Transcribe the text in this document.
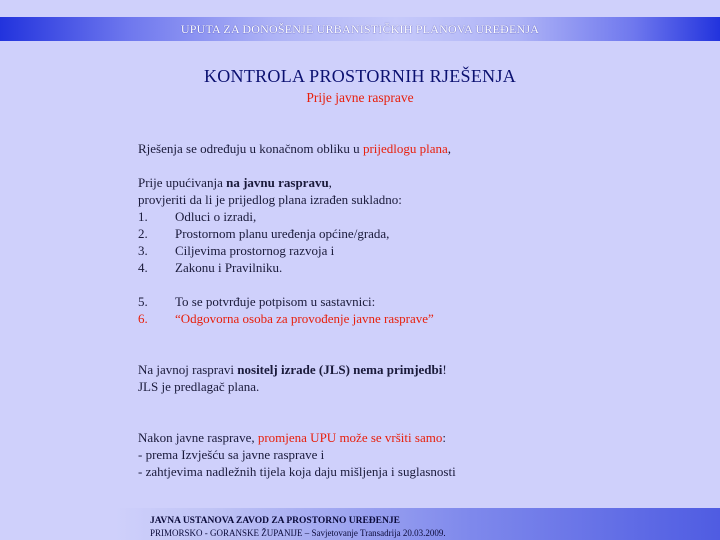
UPUTA ZA DONOŠENJE URBANISTIČKIH PLANOVA UREĐENJA
KONTROLA PROSTORNIH RJEŠENJA
Prije javne rasprave
Rješenja se određuju u konačnom obliku u prijedlogu plana,
Prije upućivanja na javnu raspravu,
provjeriti da li je prijedlog plana izrađen sukladno:
1.	Odluci o izradi,
2.	Prostornom planu uređenja općine/grada,
3.	Ciljevima prostornog razvoja i
4.	Zakonu i Pravilniku.
5.	To se potvrđuje potpisom u sastavnici:
6.	“Odgovorna osoba za provođenje javne rasprave”
Na javnoj raspravi nositelj izrade (JLS) nema primjedbi!
JLS je predlagač plana.
Nakon javne rasprave, promjena UPU može se vršiti samo:
- prema Izvješću sa javne rasprave i
- zahtjevima nadležnih tijela koja daju mišljenja i suglasnosti
JAVNA USTANOVA ZAVOD ZA PROSTORNO UREĐENJE
PRIMORSKO - GORANSKE ŽUPANIJE – Savjetovanje Transadrija 20.03.2009.
